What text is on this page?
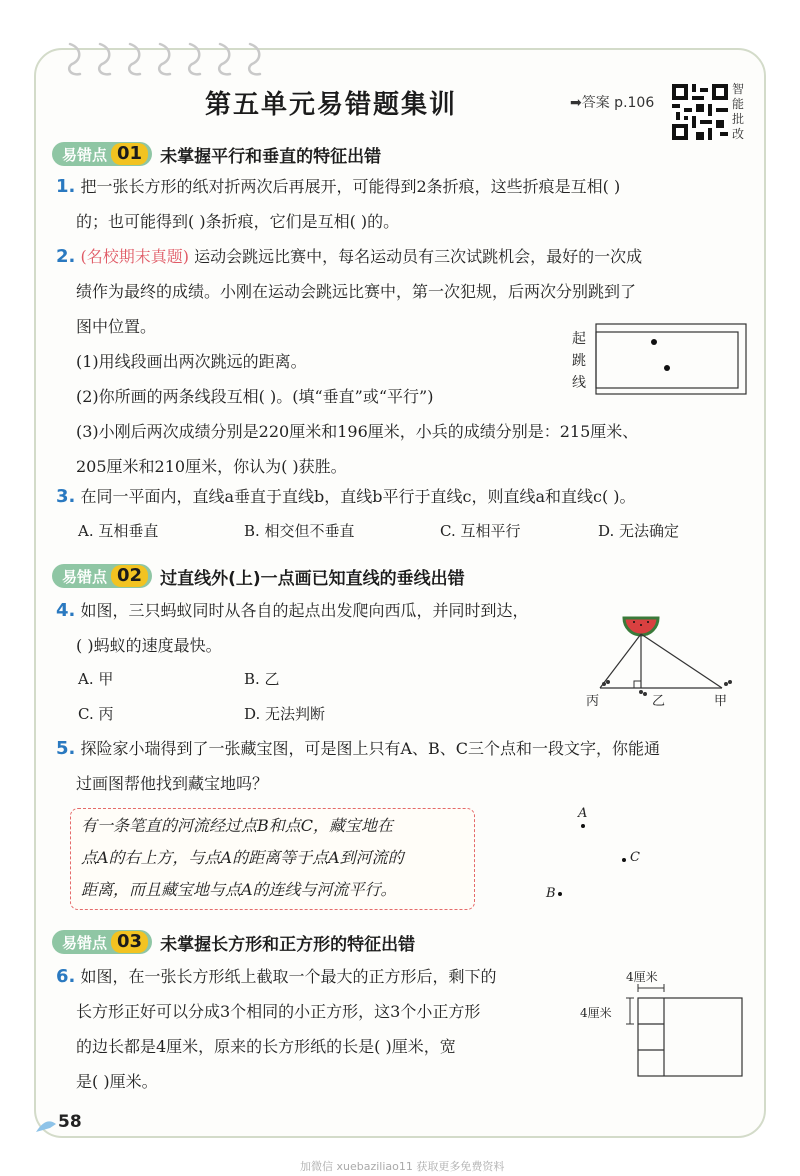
第五单元易错题集训	➡答案 p.106
智能批改
易错点 01	未掌握平行和垂直的特征出错
1. 把一张长方形的纸对折两次后再展开，可能得到2条折痕，这些折痕是互相( )
的；也可能得到( )条折痕，它们是互相( )的。
2. (名校期末真题) 运动会跳远比赛中，每名运动员有三次试跳机会，最好的一次成
绩作为最终的成绩。小刚在运动会跳远比赛中，第一次犯规，后两次分别跳到了
图中位置。
(1)用线段画出两次跳远的距离。
(2)你所画的两条线段互相( )。(填“垂直”或“平行”)
(3)小刚后两次成绩分别是220厘米和196厘米，小兵的成绩分别是：215厘米、
205厘米和210厘米，你认为( )获胜。
起跳线
3. 在同一平面内，直线a垂直于直线b，直线b平行于直线c，则直线a和直线c( )。
A. 互相垂直	B. 相交但不垂直	C. 互相平行	D. 无法确定
易错点 02	过直线外(上)一点画已知直线的垂线出错
4. 如图，三只蚂蚁同时从各自的起点出发爬向西瓜，并同时到达，
( )蚂蚁的速度最快。
A. 甲	B. 乙
C. 丙	D. 无法判断
丙	乙	甲
5. 探险家小瑞得到了一张藏宝图，可是图上只有A、B、C三个点和一段文字，你能通
过画图帮他找到藏宝地吗？
有一条笔直的河流经过点B和点C，藏宝地在
点A的右上方，与点A的距离等于点A到河流的
距离，而且藏宝地与点A的连线与河流平行。
A
C
B
易错点 03	未掌握长方形和正方形的特征出错
6. 如图，在一张长方形纸上截取一个最大的正方形后，剩下的
长方形正好可以分成3个相同的小正方形，这3个小正方形
的边长都是4厘米，原来的长方形纸的长是( )厘米，宽
是( )厘米。
4厘米
4厘米
58
加微信 xuebaziliao11 获取更多免费资料
